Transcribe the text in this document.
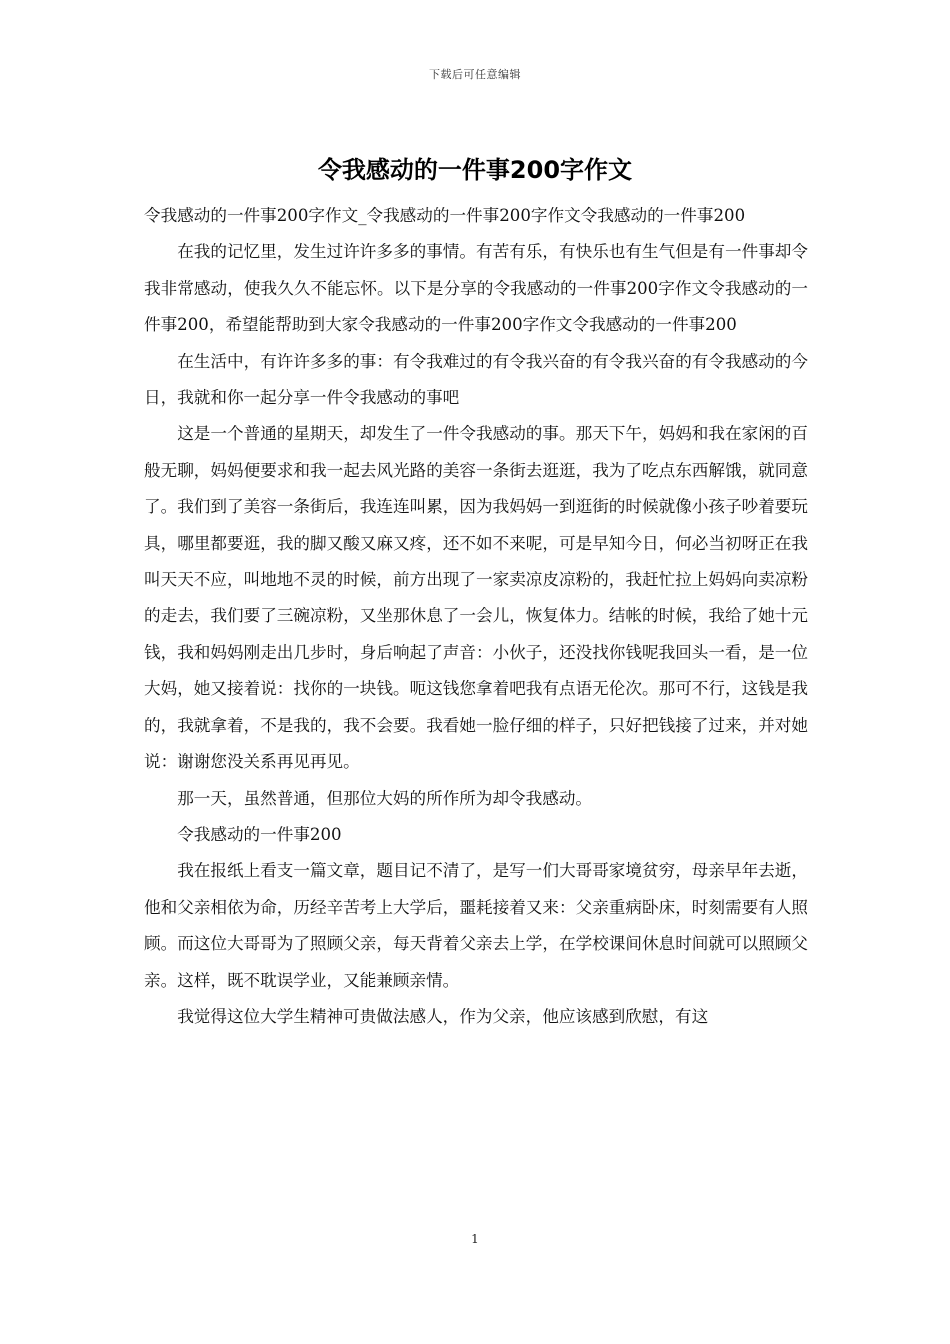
下载后可任意编辑
令我感动的一件事200字作文

令我感动的一件事200字作文_令我感动的一件事200字作文令我感动的一件事200

在我的记忆里，发生过许许多多的事情。有苦有乐，有快乐也有生气但是有一件事却令我非常感动，使我久久不能忘怀。以下是分享的令我感动的一件事200字作文令我感动的一件事200，希望能帮助到大家令我感动的一件事200字作文令我感动的一件事200

在生活中，有许许多多的事：有令我难过的有令我兴奋的有令我兴奋的有令我感动的今日，我就和你一起分享一件令我感动的事吧

这是一个普通的星期天，却发生了一件令我感动的事。那天下午，妈妈和我在家闲的百般无聊，妈妈便要求和我一起去风光路的美容一条街去逛逛，我为了吃点东西解饿，就同意了。我们到了美容一条街后，我连连叫累，因为我妈妈一到逛街的时候就像小孩子吵着要玩具，哪里都要逛，我的脚又酸又麻又疼，还不如不来呢，可是早知今日，何必当初呀正在我叫天天不应，叫地地不灵的时候，前方出现了一家卖凉皮凉粉的，我赶忙拉上妈妈向卖凉粉的走去，我们要了三碗凉粉，又坐那休息了一会儿，恢复体力。结帐的时候，我给了她十元钱，我和妈妈刚走出几步时，身后响起了声音：小伙子，还没找你钱呢我回头一看，是一位大妈，她又接着说：找你的一块钱。呃这钱您拿着吧我有点语无伦次。那可不行，这钱是我的，我就拿着，不是我的，我不会要。我看她一脸仔细的样子，只好把钱接了过来，并对她说：谢谢您没关系再见再见。

那一天，虽然普通，但那位大妈的所作所为却令我感动。

令我感动的一件事200

我在报纸上看支一篇文章，题目记不清了，是写一们大哥哥家境贫穷，母亲早年去逝，他和父亲相依为命，历经辛苦考上大学后，噩耗接着又来：父亲重病卧床，时刻需要有人照顾。而这位大哥哥为了照顾父亲，每天背着父亲去上学，在学校课间休息时间就可以照顾父亲。这样，既不耽误学业，又能兼顾亲情。

我觉得这位大学生精神可贵做法感人，作为父亲，他应该感到欣慰，有这

1
